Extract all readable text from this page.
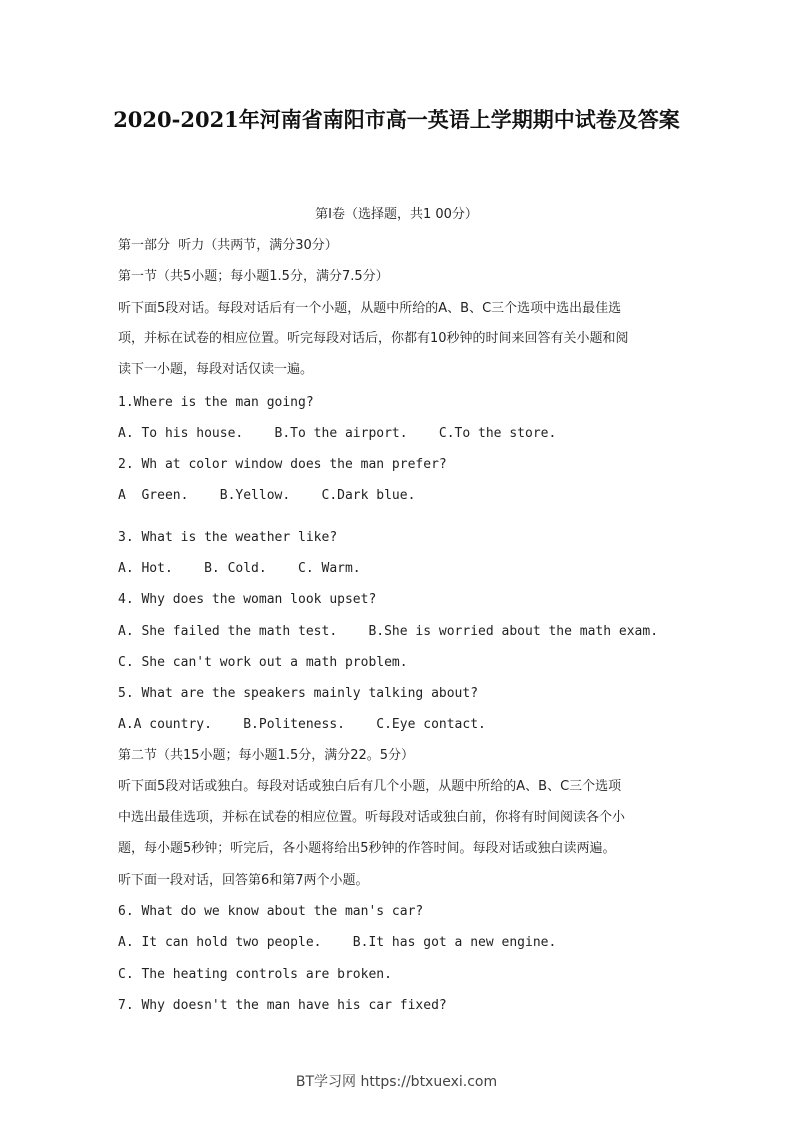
2020-2021年河南省南阳市高一英语上学期期中试卷及答案
第Ⅰ卷（选择题，共1 00分）
第一部分  听力（共两节，满分30分）
第一节（共5小题；每小题1.5分，满分7.5分）
听下面5段对话。每段对话后有一个小题，从题中所给的A、B、C三个选项中选出最佳选
项，并标在试卷的相应位置。听完每段对话后，你都有10秒钟的时间来回答有关小题和阅
读下一小题，每段对话仅读一遍。
1.Where is the man going?
A. To his house.    B.To the airport.    C.To the store.
2. Wh at color window does the man prefer?
A  Green.    B.Yellow.    C.Dark blue.
3. What is the weather like?
A. Hot.    B. Cold.    C. Warm.
4. Why does the woman look upset?
A. She failed the math test.    B.She is worried about the math exam.
C. She can't work out a math problem.
5. What are the speakers mainly talking about?
A.A country.    B.Politeness.    C.Eye contact.
第二节（共15小题；每小题1.5分，满分22。5分）
听下面5段对话或独白。每段对话或独白后有几个小题，从题中所给的A、B、C三个选项
中选出最佳选项，并标在试卷的相应位置。听每段对话或独白前，你将有时间阅读各个小
题，每小题5秒钟；听完后，各小题将给出5秒钟的作答时间。每段对话或独白读两遍。
听下面一段对话，回答第6和第7两个小题。
6. What do we know about the man's car?
A. It can hold two people.    B.It has got a new engine.
C. The heating controls are broken.
7. Why doesn't the man have his car fixed?
BT学习网 https://btxuexi.com
